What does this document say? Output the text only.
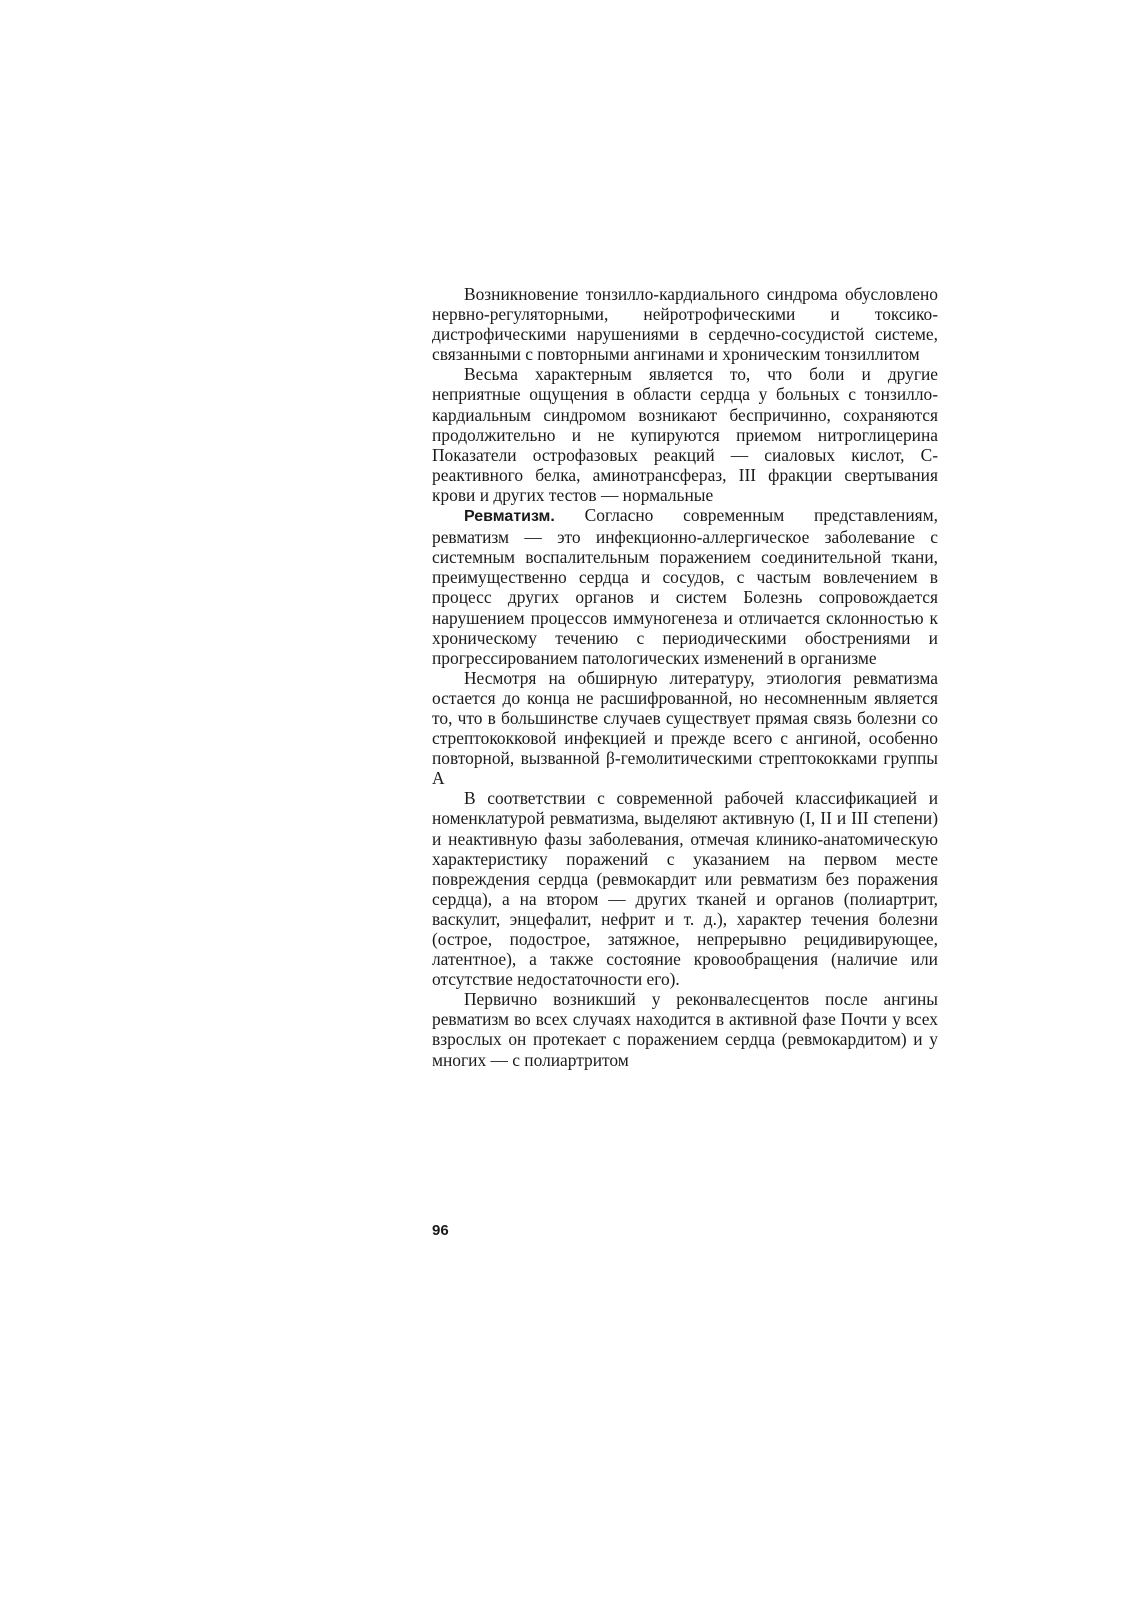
Возникновение тонзилло-кардиального синдрома обусловлено нервно-регуляторными, нейротрофическими и токсико-дистрофическими нарушениями в сердечно-сосудистой системе, связанными с повторными ангинами и хроническим тонзиллитом

Весьма характерным является то, что боли и другие неприятные ощущения в области сердца у больных с тонзилло-кардиальным синдромом возникают беспричинно, сохраняются продолжительно и не купируются приемом нитроглицерина Показатели острофазовых реакций — сиаловых кислот, С-реактивного белка, аминотрансфераз, III фракции свертывания крови и других тестов — нормальные

Ревматизм. Согласно современным представлениям, ревматизм — это инфекционно-аллергическое заболевание с системным воспалительным поражением соединительной ткани, преимущественно сердца и сосудов, с частым вовлечением в процесс других органов и систем Болезнь сопровождается нарушением процессов иммуногенеза и отличается склонностью к хроническому течению с периодическими обострениями и прогрессированием патологических изменений в организме

Несмотря на обширную литературу, этиология ревматизма остается до конца не расшифрованной, но несомненным является то, что в большинстве случаев существует прямая связь болезни со стрептококковой инфекцией и прежде всего с ангиной, особенно повторной, вызванной β-гемолитическими стрептококками группы А

В соответствии с современной рабочей классификацией и номенклатурой ревматизма, выделяют активную (I, II и III степени) и неактивную фазы заболевания, отмечая клинико-анатомическую характеристику поражений с указанием на первом месте повреждения сердца (ревмокардит или ревматизм без поражения сердца), а на втором — других тканей и органов (полиартрит, васкулит, энцефалит, нефрит и т. д.), характер течения болезни (острое, подострое, затяжное, непрерывно рецидивирующее, латентное), а также состояние кровообращения (наличие или отсутствие недостаточности его).

Первично возникший у реконвалесцентов после ангины ревматизм во всех случаях находится в активной фазе Почти у всех взрослых он протекает с поражением сердца (ревмокардитом) и у многих — с полиартритом

96
